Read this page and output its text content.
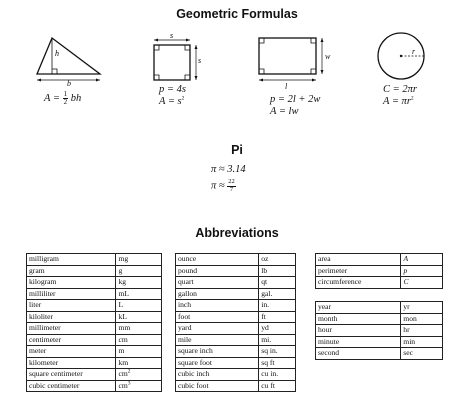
Geometric Formulas
h
b
$A = \frac{1}{2}$ bh
s
s
p = 4s
$A = s^2$
w
l
p = 2l + 2w
A = lw
r
C = 2πr
$A = \pi r^2$
Pi
π ≈ 3.14
$\pi \approx \frac{22}{7}$
Abbreviations
milligram	mg
gram	g
kilogram	kg
milliliter	mL
liter	L
kiloliter	kL
millimeter	mm
centimeter	cm
meter	m
kilometer	km
square centimeter	$cm^2$
cubic centimeter	$cm^3$
ounce	oz
pound	lb
quart	qt
gallon	gal.
inch	in.
foot	ft
yard	yd
mile	mi.
square inch	sq in.
square foot	sq ft
cubic inch	cu in.
cubic foot	cu ft
area	A
perimeter	p
circumference	C
year	yr
month	mon
hour	hr
minute	min
second	sec
